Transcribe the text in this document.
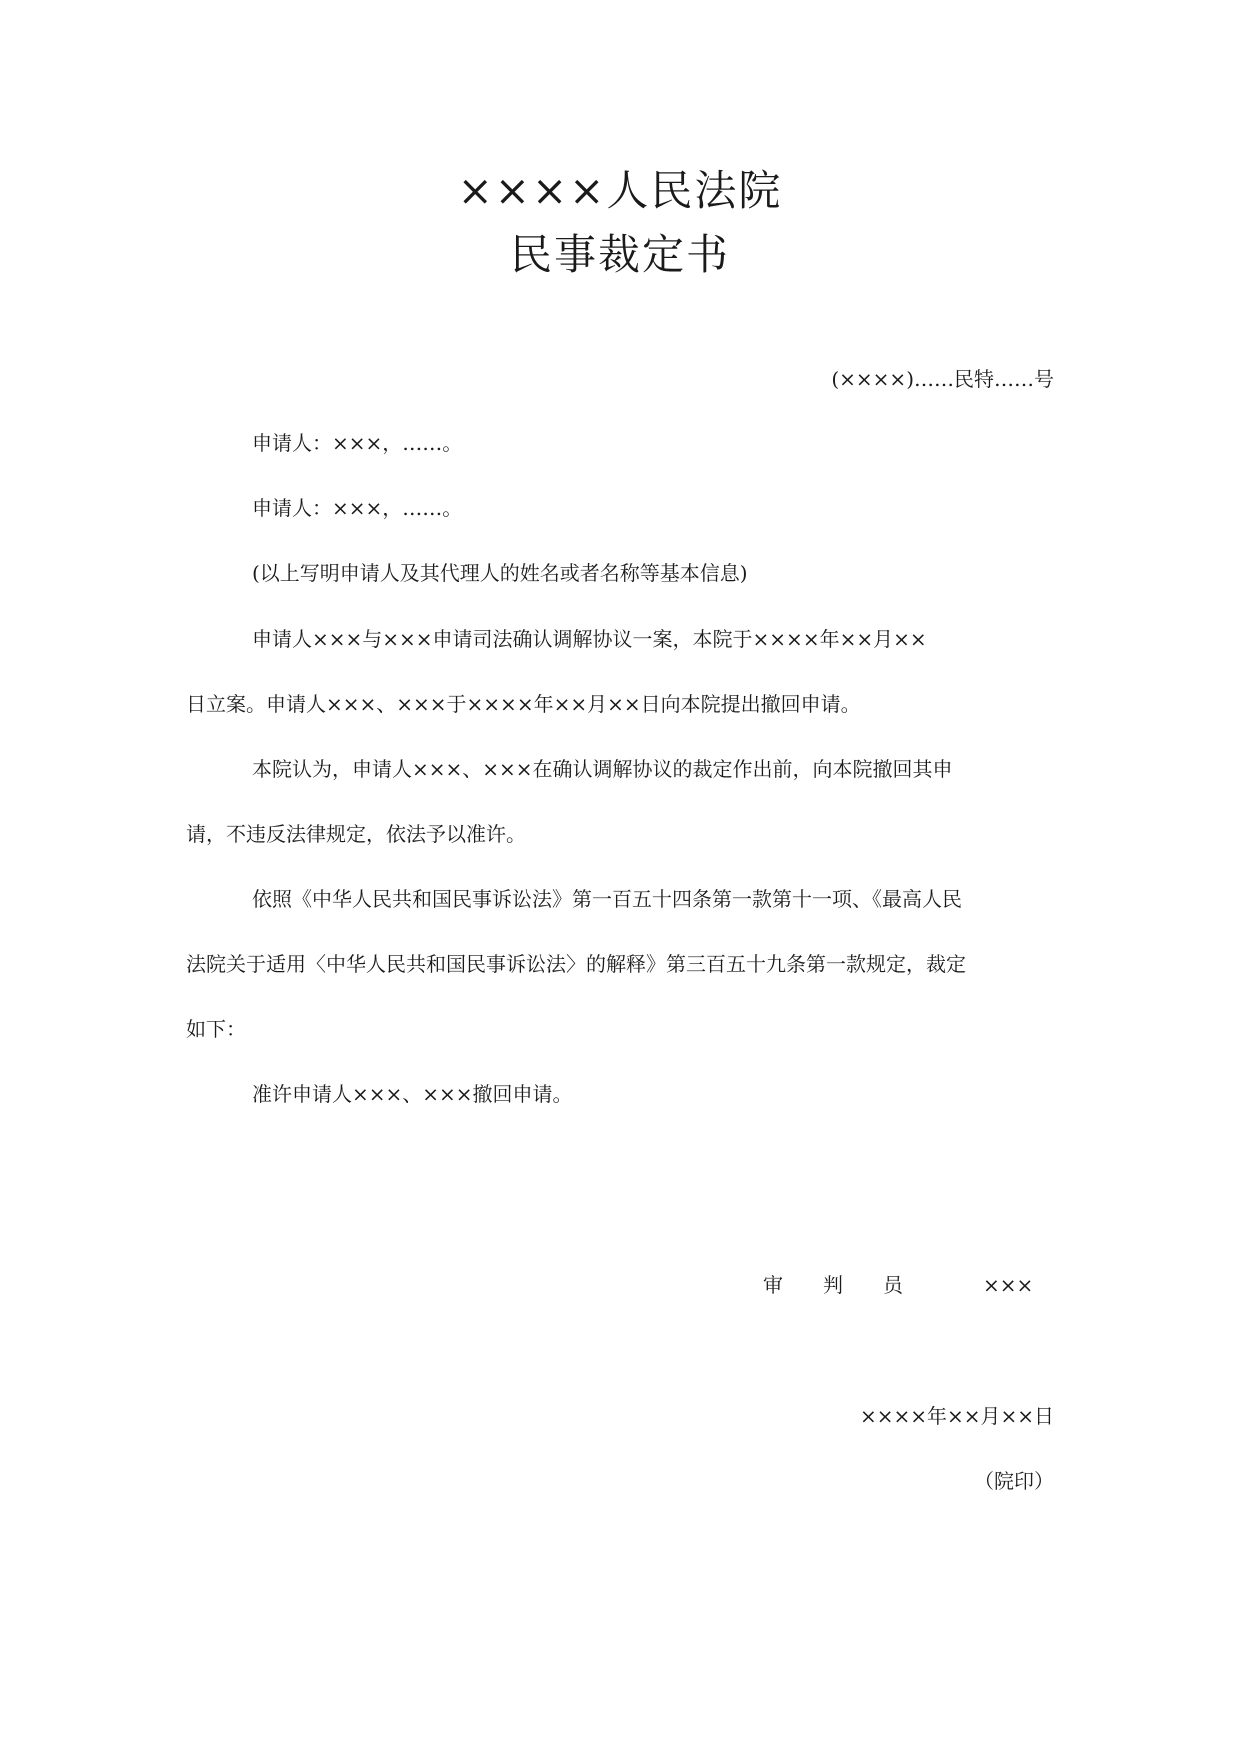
××××人民法院
民事裁定书
(××××)……民特……号
申请人：×××，……。
申请人：×××，……。
(以上写明申请人及其代理人的姓名或者名称等基本信息)
申请人×××与×××申请司法确认调解协议一案，本院于××××年××月××
日立案。申请人×××、×××于××××年××月××日向本院提出撤回申请。
本院认为，申请人×××、×××在确认调解协议的裁定作出前，向本院撤回其申
请，不违反法律规定，依法予以准许。
依照《中华人民共和国民事诉讼法》第一百五十四条第一款第十一项、《最高人民
法院关于适用〈中华人民共和国民事诉讼法〉的解释》第三百五十九条第一款规定，裁定
如下：
准许申请人×××、×××撤回申请。
审判员 ×××
××××年××月××日
（院印）
